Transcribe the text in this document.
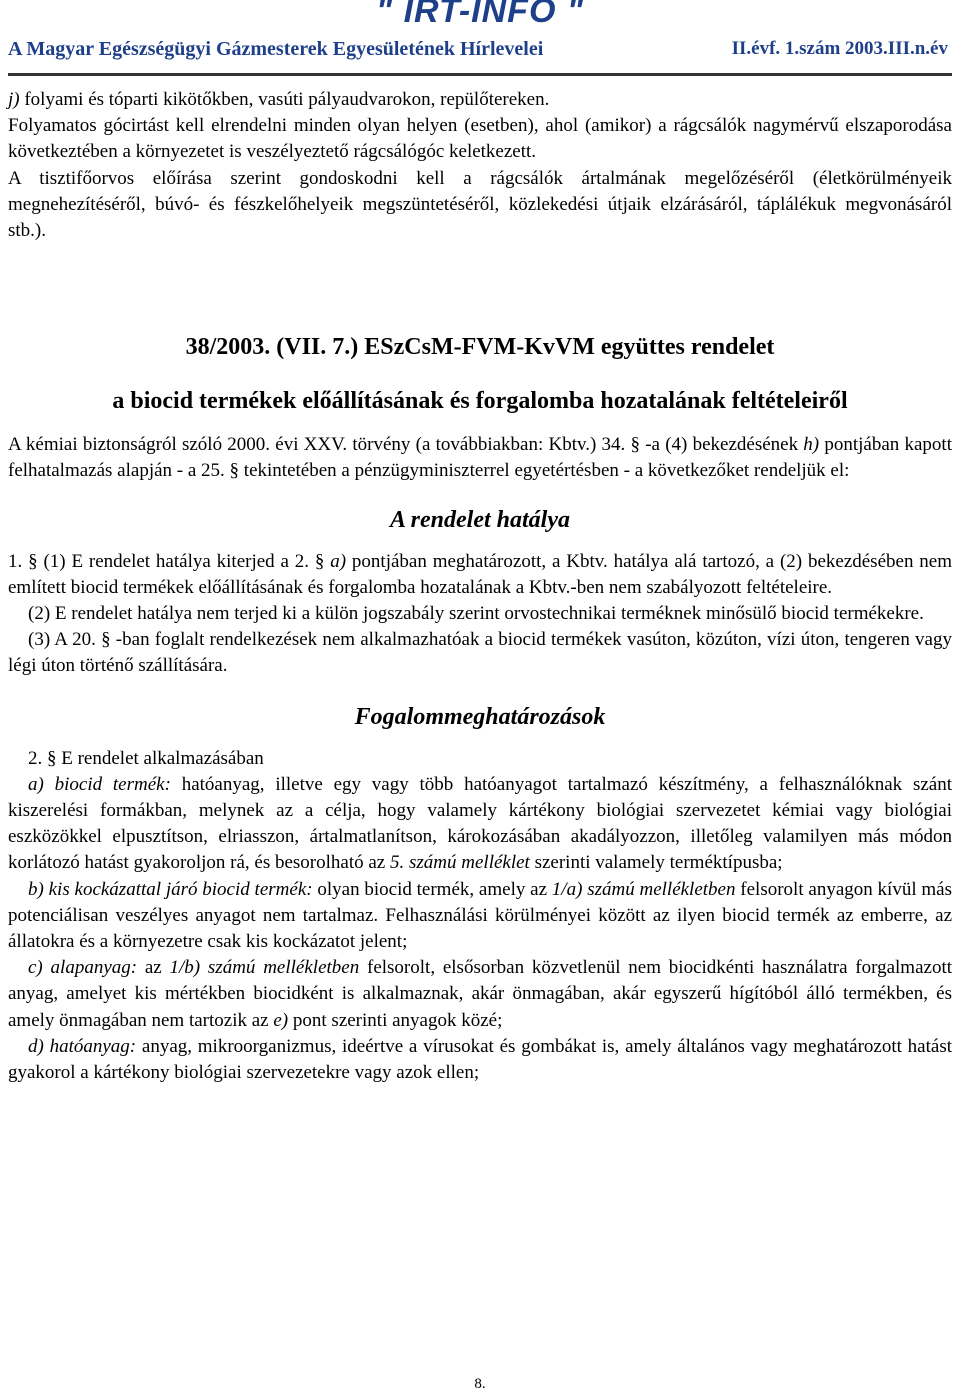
" IRT-INFO "
A Magyar Egészségügyi Gázmesterek Egyesületének Hírlevelei	II.évf. 1.szám 2003.III.n.év

j) folyami és tóparti kikötőkben, vasúti pályaudvarokon, repülőtereken.

Folyamatos gócirtást kell elrendelni minden olyan helyen (esetben), ahol (amikor) a rágcsálók nagymérvű elszaporodása következtében a környezetet is veszélyeztető rágcsálógóc keletkezett.

A tisztifőorvos előírása szerint gondoskodni kell a rágcsálók ártalmának megelőzéséről (életkörülményeik megnehezítéséről, búvó- és fészkelőhelyeik megszüntetéséről, közlekedési útjaik elzárásáról, táplálékuk megvonásáról stb.).

38/2003. (VII. 7.) ESzCsM-FVM-KvVM együttes rendelet
a biocid termékek előállításának és forgalomba hozatalának feltételeiről

A kémiai biztonságról szóló 2000. évi XXV. törvény (a továbbiakban: Kbtv.) 34. § -a (4) bekezdésének h) pontjában kapott felhatalmazás alapján - a 25. § tekintetében a pénzügyminiszterrel egyetértésben - a következőket rendeljük el:

A rendelet hatálya

1. § (1) E rendelet hatálya kiterjed a 2. § a) pontjában meghatározott, a Kbtv. hatálya alá tartozó, a (2) bekezdésében nem említett biocid termékek előállításának és forgalomba hozatalának a Kbtv.-ben nem szabályozott feltételeire.

(2) E rendelet hatálya nem terjed ki a külön jogszabály szerint orvostechnikai terméknek minősülő biocid termékekre.

(3) A 20. § -ban foglalt rendelkezések nem alkalmazhatóak a biocid termékek vasúton, közúton, vízi úton, tengeren vagy légi úton történő szállítására.

Fogalommeghatározások

2. § E rendelet alkalmazásában

a) biocid termék: hatóanyag, illetve egy vagy több hatóanyagot tartalmazó készítmény, a felhasználóknak szánt kiszerelési formákban, melynek az a célja, hogy valamely kártékony biológiai szervezetet kémiai vagy biológiai eszközökkel elpusztítson, elriasszon, ártalmatlanítson, károkozásában akadályozzon, illetőleg valamilyen más módon korlátozó hatást gyakoroljon rá, és besorolható az 5. számú melléklet szerinti valamely terméktípusba;

b) kis kockázattal járó biocid termék: olyan biocid termék, amely az 1/a) számú mellékletben felsorolt anyagon kívül más potenciálisan veszélyes anyagot nem tartalmaz. Felhasználási körülményei között az ilyen biocid termék az emberre, az állatokra és a környezetre csak kis kockázatot jelent;

c) alapanyag: az 1/b) számú mellékletben felsorolt, elsősorban közvetlenül nem biocidkénti használatra forgalmazott anyag, amelyet kis mértékben biocidként is alkalmaznak, akár önmagában, akár egyszerű hígítóból álló termékben, és amely önmagában nem tartozik az e) pont szerinti anyagok közé;

d) hatóanyag: anyag, mikroorganizmus, ideértve a vírusokat és gombákat is, amely általános vagy meghatározott hatást gyakorol a kártékony biológiai szervezetekre vagy azok ellen;

8.
